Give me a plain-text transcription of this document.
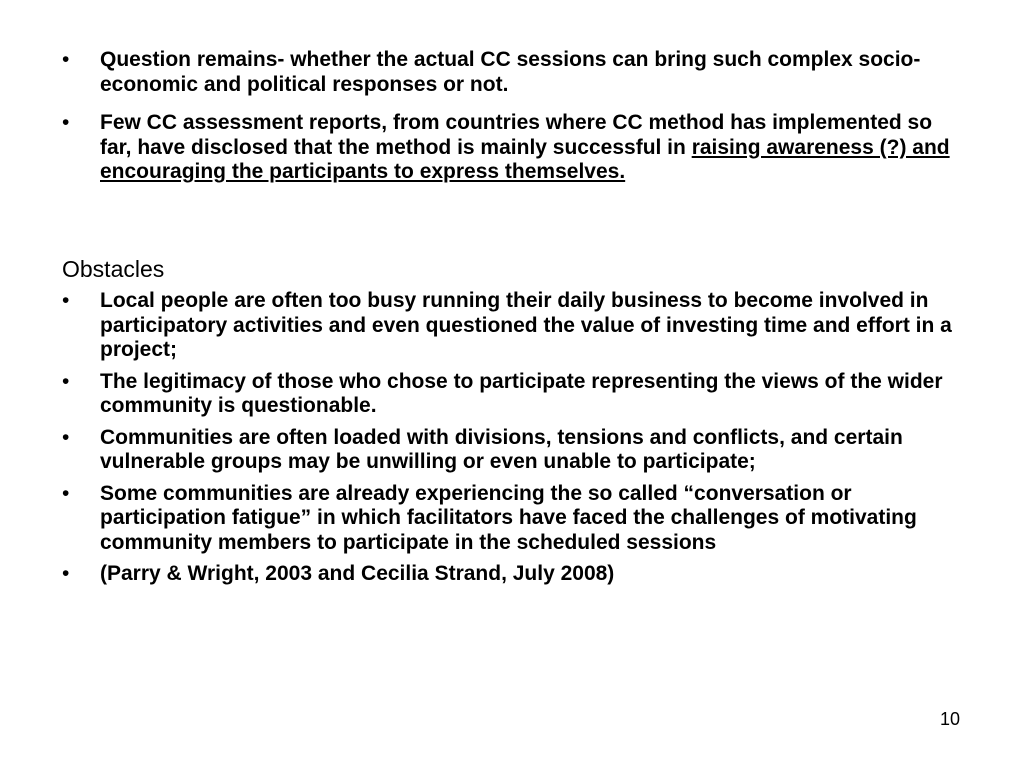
• Question remains- whether the actual CC sessions can bring such complex socio-economic and political responses or not.
• Few CC assessment reports, from countries where CC method has implemented so far, have disclosed that the method is mainly successful in raising awareness (?) and encouraging the participants to express themselves.
Obstacles
• Local people are often too busy running their daily business to become involved in participatory activities and even questioned the value of investing time and effort in a project;
• The legitimacy of those who chose to participate representing the views of the wider community is questionable.
• Communities are often loaded with divisions, tensions and conflicts, and certain vulnerable groups may be unwilling or even unable to participate;
• Some communities are already experiencing the so called “conversation or participation fatigue” in which facilitators have faced the challenges of motivating community members to participate in the scheduled sessions
• (Parry & Wright, 2003 and Cecilia Strand, July 2008)
10
